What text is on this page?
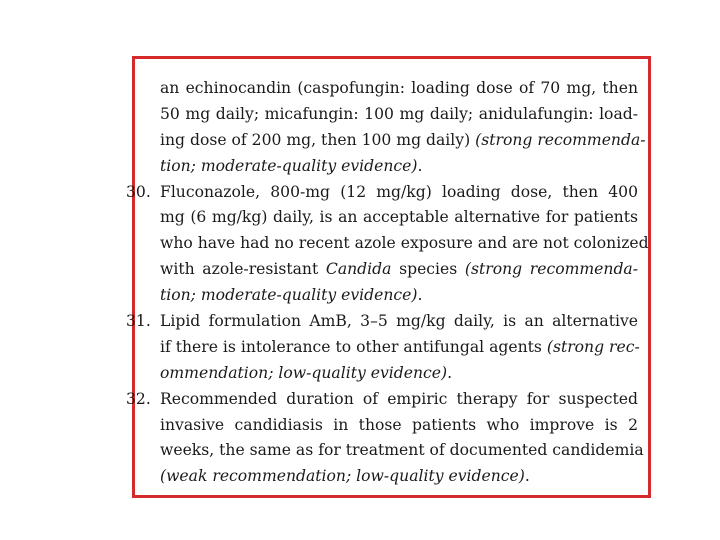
an echinocandin (caspofungin: loading dose of 70 mg, then
50 mg daily; micafungin: 100 mg daily; anidulafungin: load-
ing dose of 200 mg, then 100 mg daily) (strong recommenda-
tion; moderate-quality evidence).
30. Fluconazole, 800-mg (12 mg/kg) loading dose, then 400
mg (6 mg/kg) daily, is an acceptable alternative for patients
who have had no recent azole exposure and are not colonized
with azole-resistant Candida species (strong recommenda-
tion; moderate-quality evidence).
31. Lipid formulation AmB, 3–5 mg/kg daily, is an alternative
if there is intolerance to other antifungal agents (strong rec-
ommendation; low-quality evidence).
32. Recommended duration of empiric therapy for suspected
invasive candidiasis in those patients who improve is 2
weeks, the same as for treatment of documented candidemia
(weak recommendation; low-quality evidence).
